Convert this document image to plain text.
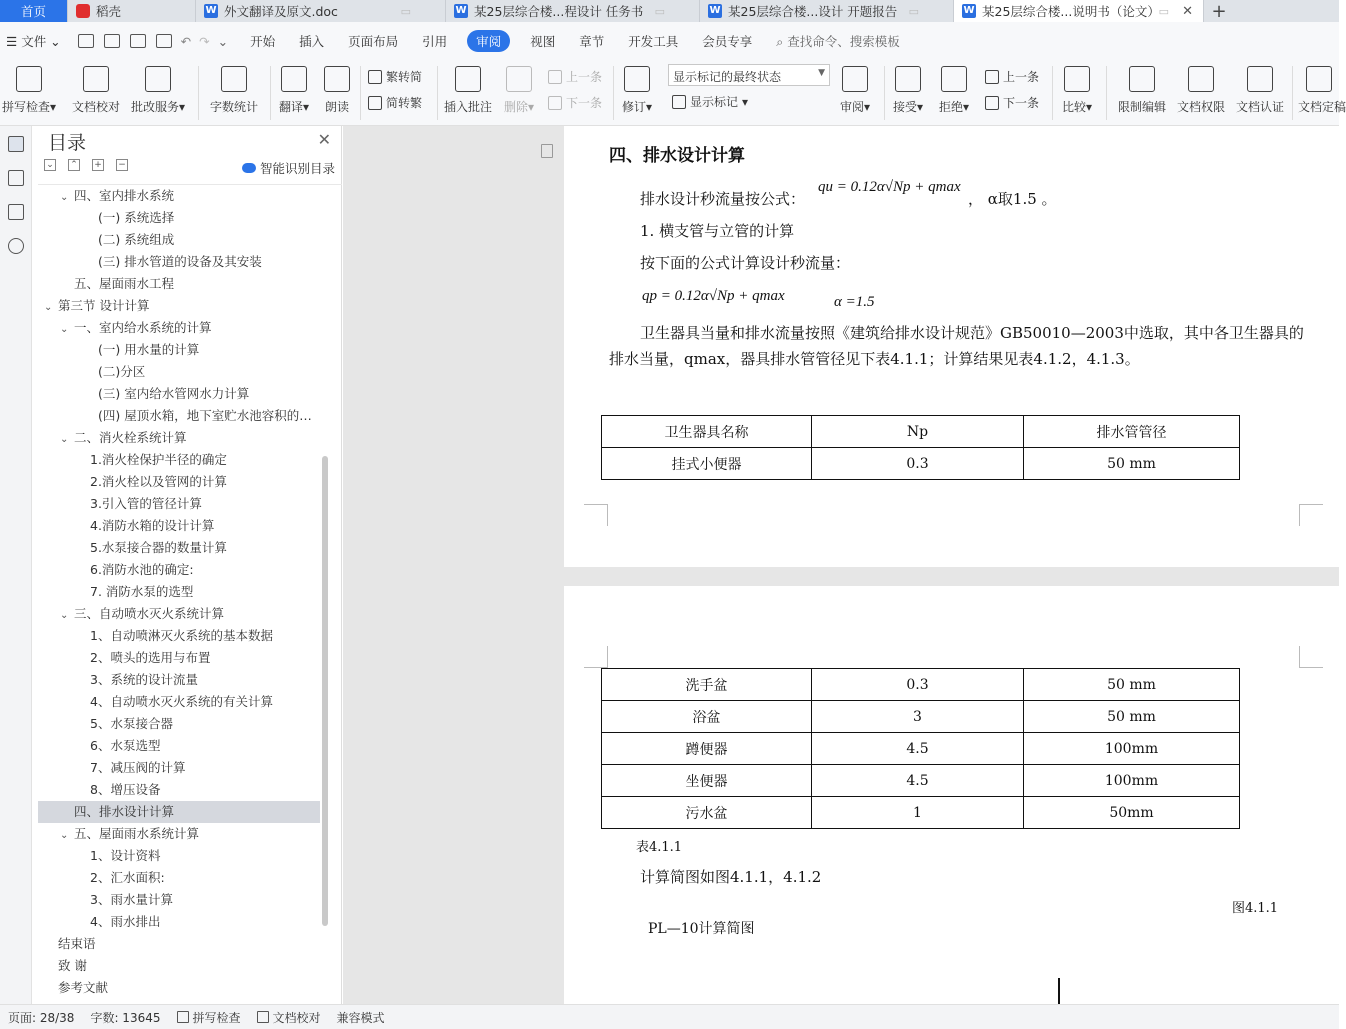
首页	稻壳	W 外文翻译及原文.doc	▭	W 某25层综合楼...程设计 任务书 ▭	W 某25层综合楼...设计 开题报告 ▭	W 某25层综合楼...说明书（论文）
▭ ✕	+
☰ 文件 ⌄	↶ ↷ ⌄	开始	插入	页面布局	引用	审阅	视图	章节	开发工具	会员专享	⌕ 查找命令、搜索模板
拼写检查▾ 文档校对 批改服务▾ 字数统计 翻译▾ 朗读
繁转简
简转繁 插入批注 删除▾
上一条
下一条 修订▾	显示标记 ▾	审阅▾ 接受▾ 拒绝▾
上一条
下一条 比较▾ 限制编辑 文档权限 文档认证 文档定稿
显示标记的最终状态	▼
目录	✕
⌄ ⌃ + −	智能识别目录
⌄ 四、室内排水系统
(一) 系统选择
(二) 系统组成
(三) 排水管道的设备及其安装
五、屋面雨水工程
⌄ 第三节 设计计算
⌄ 一、室内给水系统的计算
(一) 用水量的计算
(二)分区
(三) 室内给水管网水力计算
(四) 屋顶水箱，地下室贮水池容积的…
⌄ 二、消火栓系统计算
1.消火栓保护半径的确定
2.消火栓以及管网的计算
3.引入管的管径计算
4.消防水箱的设计计算
5.水泵接合器的数量计算
6.消防水池的确定:
7. 消防水泵的选型
⌄ 三、自动喷水灭火系统计算
1、自动喷淋灭火系统的基本数据
2、喷头的选用与布置
3、系统的设计流量
4、自动喷水灭火系统的有关计算
5、水泵接合器
6、水泵选型
7、减压阀的计算
8、增压设备
四、排水设计计算
⌄ 五、屋面雨水系统计算
1、设计资料
2、汇水面积:
3、雨水量计算
4、雨水排出
结束语
致 谢
参考文献
四、排水设计计算
排水设计秒流量按公式：
qu = 0.12α√Np + qmax
， α取1.5 。
1. 横支管与立管的计算
按下面的公式计算设计秒流量：
qp = 0.12α√Np + qmax	α =1.5
卫生器具当量和排水流量按照《建筑给排水设计规范》GB50010—2003中选取，其中各卫生器具的
排水当量，qmax，器具排水管管径见下表4.1.1；计算结果见表4.1.2，4.1.3。
卫生器具名称	Np	排水管管径
挂式小便器	0.3	50 mm
洗手盆	0.3	50 mm
浴盆	3	50 mm
蹲便器	4.5	100mm
坐便器	4.5	100mm
污水盆	1	50mm
表4.1.1
计算简图如图4.1.1，4.1.2
图4.1.1
PL—10计算简图
页面: 28/38	字数: 13645	拼写检查	文档校对	兼容模式
